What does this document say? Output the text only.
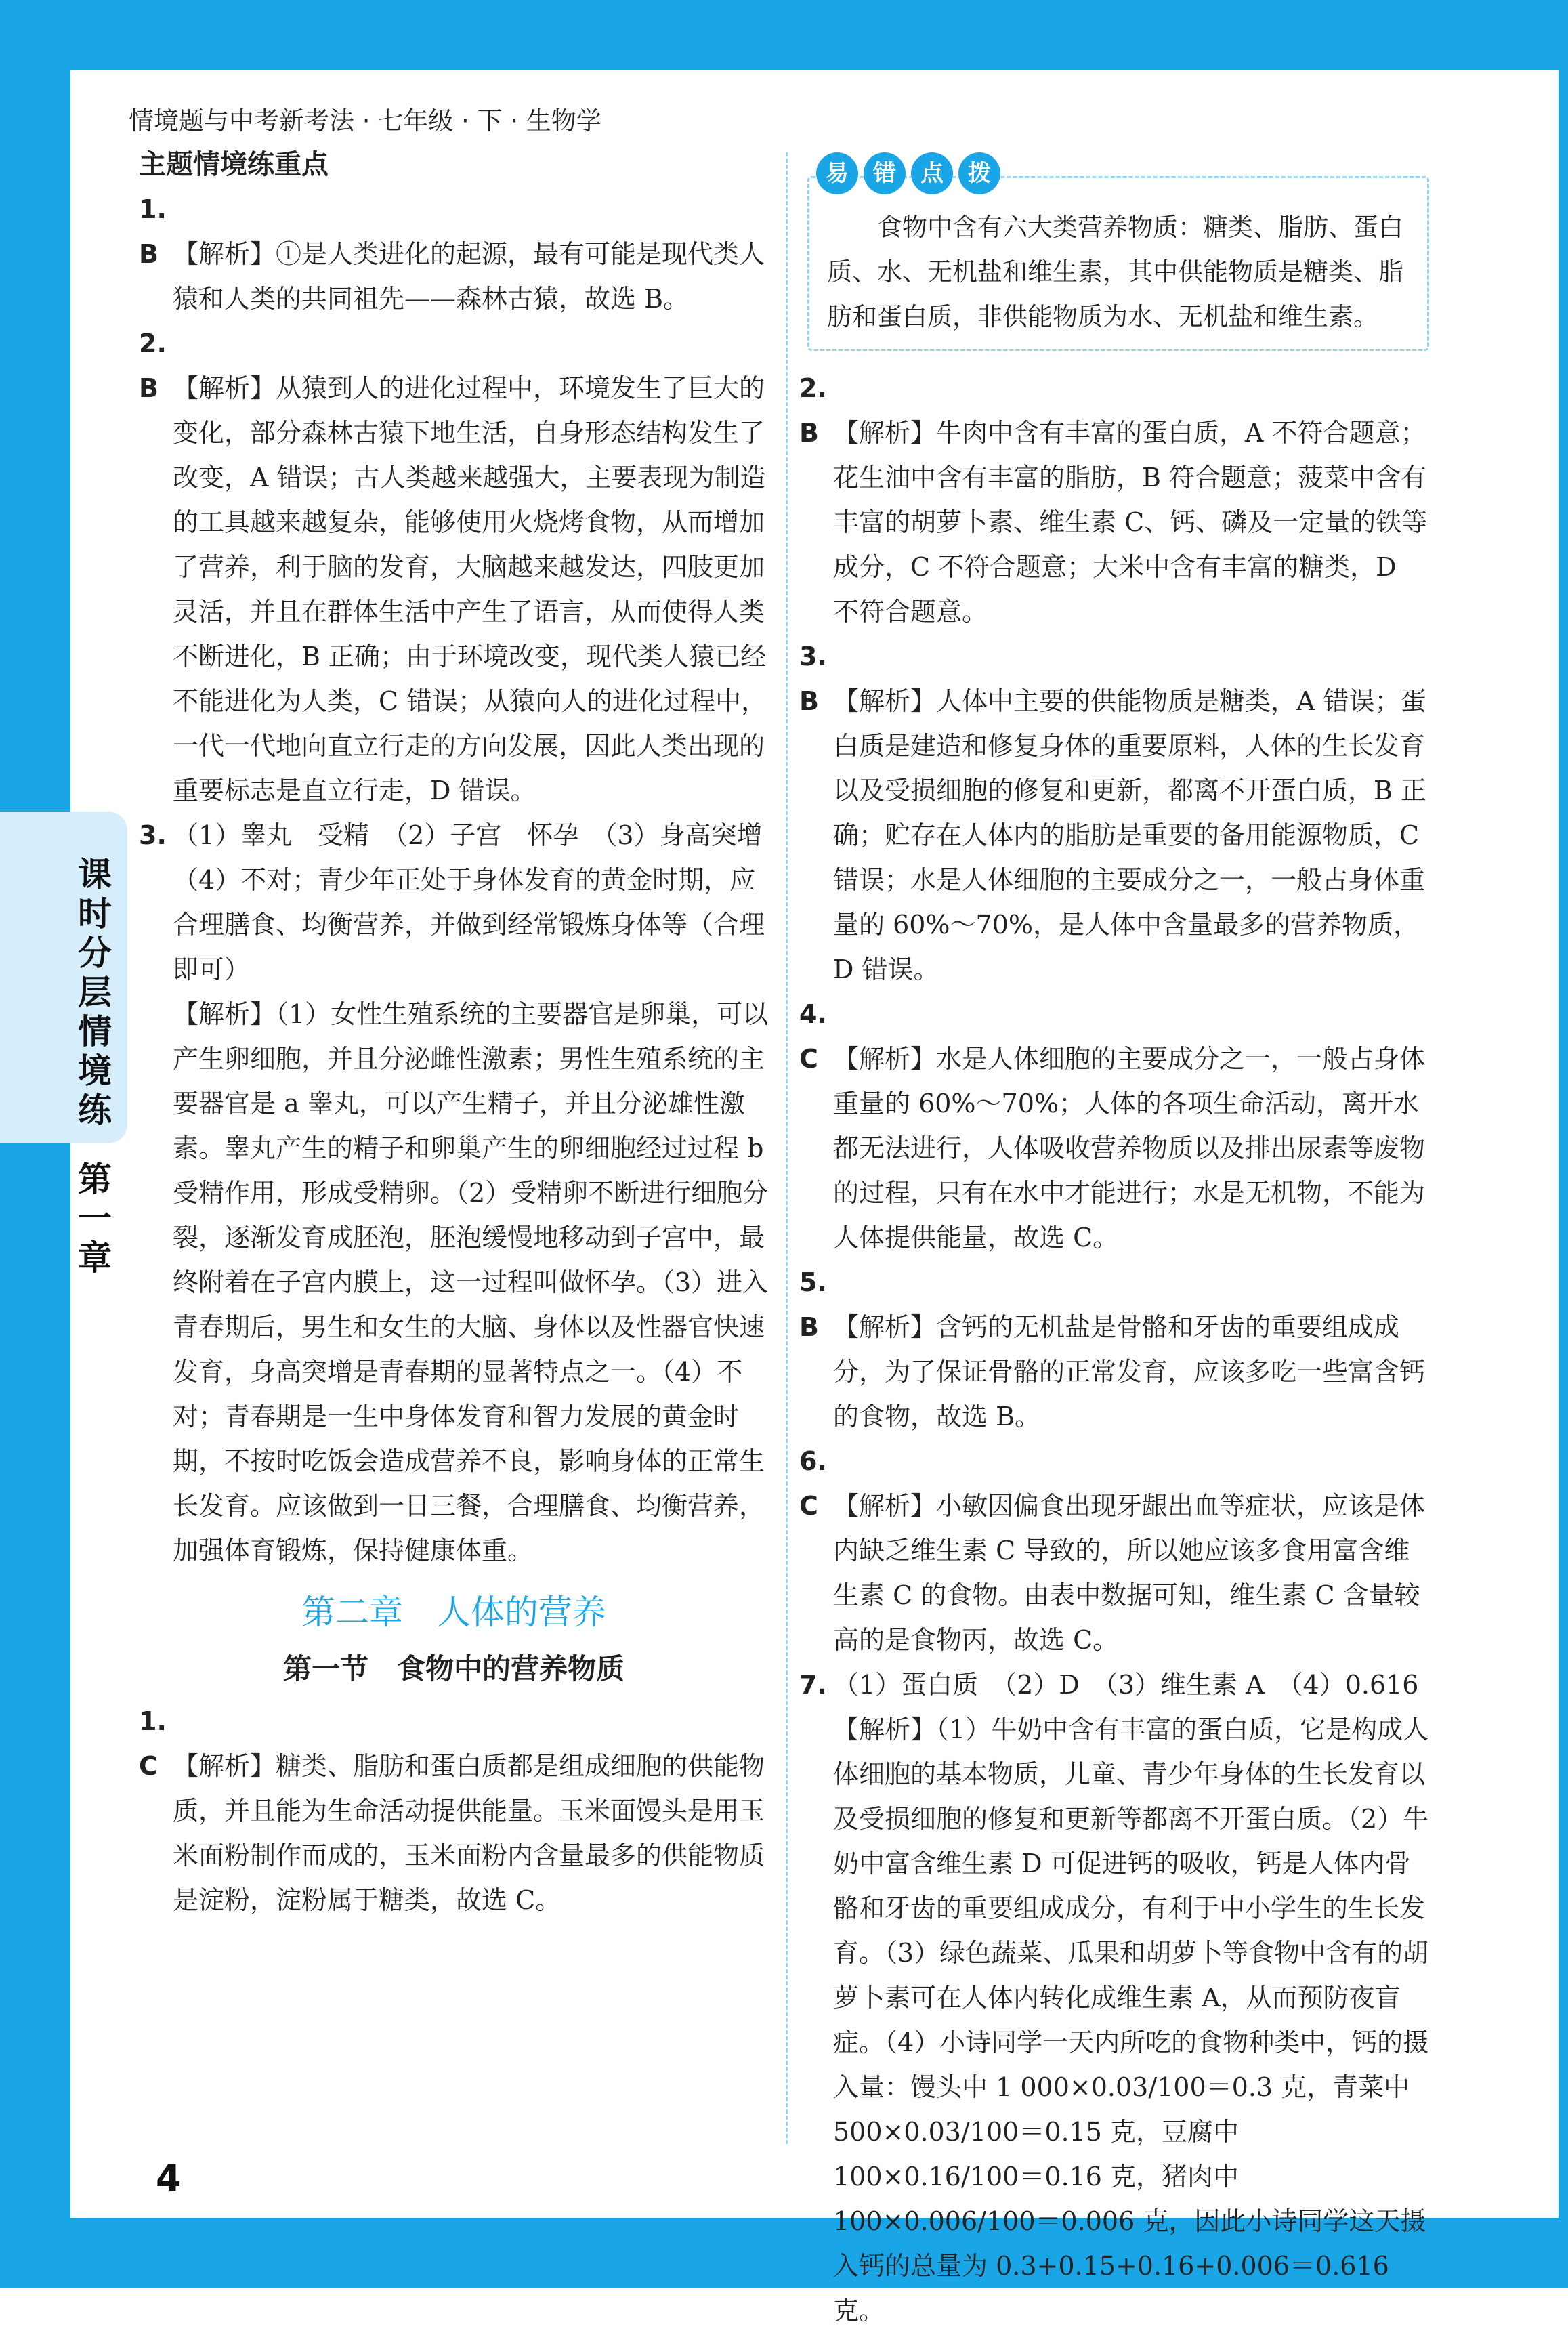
课时分层情境练
第一章
情境题与中考新考法 · 七年级 · 下 · 生物学

主题情境练重点

1. B 【解析】①是人类进化的起源，最有可能是现代类人猿和人类的共同祖先——森林古猿，故选 B。
2. B 【解析】从猿到人的进化过程中，环境发生了巨大的变化，部分森林古猿下地生活，自身形态结构发生了改变，A 错误；古人类越来越强大，主要表现为制造的工具越来越复杂，能够使用火烧烤食物，从而增加了营养，利于脑的发育，大脑越来越发达，四肢更加灵活，并且在群体生活中产生了语言，从而使得人类不断进化，B 正确；由于环境改变，现代类人猿已经不能进化为人类，C 错误；从猿向人的进化过程中，一代一代地向直立行走的方向发展，因此人类出现的重要标志是直立行走，D 错误。
3. （1）睾丸　受精　（2）子宫　怀孕　（3）身高突增　（4）不对；青少年正处于身体发育的黄金时期，应合理膳食、均衡营养，并做到经常锻炼身体等（合理即可）
【解析】（1）女性生殖系统的主要器官是卵巢，可以产生卵细胞，并且分泌雌性激素；男性生殖系统的主要器官是 a 睾丸，可以产生精子，并且分泌雄性激素。睾丸产生的精子和卵巢产生的卵细胞经过过程 b 受精作用，形成受精卵。（2）受精卵不断进行细胞分裂，逐渐发育成胚泡，胚泡缓慢地移动到子宫中，最终附着在子宫内膜上，这一过程叫做怀孕。（3）进入青春期后，男生和女生的大脑、身体以及性器官快速发育，身高突增是青春期的显著特点之一。（4）不对；青春期是一生中身体发育和智力发展的黄金时期，不按时吃饭会造成营养不良，影响身体的正常生长发育。应该做到一日三餐，合理膳食、均衡营养，加强体育锻炼，保持健康体重。
第二章　人体的营养
第一节　食物中的营养物质
1. C 【解析】糖类、脂肪和蛋白质都是组成细胞的供能物质，并且能为生命活动提供能量。玉米面馒头是用玉米面粉制作而成的，玉米面粉内含量最多的供能物质是淀粉，淀粉属于糖类，故选 C。
易	错	点	拨
食物中含有六大类营养物质：糖类、脂肪、蛋白质、水、无机盐和维生素，其中供能物质是糖类、脂肪和蛋白质，非供能物质为水、无机盐和维生素。
2. B 【解析】牛肉中含有丰富的蛋白质，A 不符合题意；花生油中含有丰富的脂肪，B 符合题意；菠菜中含有丰富的胡萝卜素、维生素 C、钙、磷及一定量的铁等成分，C 不符合题意；大米中含有丰富的糖类，D 不符合题意。
3. B 【解析】人体中主要的供能物质是糖类，A 错误；蛋白质是建造和修复身体的重要原料，人体的生长发育以及受损细胞的修复和更新，都离不开蛋白质，B 正确；贮存在人体内的脂肪是重要的备用能源物质，C 错误；水是人体细胞的主要成分之一，一般占身体重量的 60%～70%，是人体中含量最多的营养物质，D 错误。
4. C 【解析】水是人体细胞的主要成分之一，一般占身体重量的 60%～70%；人体的各项生命活动，离开水都无法进行，人体吸收营养物质以及排出尿素等废物的过程，只有在水中才能进行；水是无机物，不能为人体提供能量，故选 C。
5. B 【解析】含钙的无机盐是骨骼和牙齿的重要组成成分，为了保证骨骼的正常发育，应该多吃一些富含钙的食物，故选 B。
6. C 【解析】小敏因偏食出现牙龈出血等症状，应该是体内缺乏维生素 C 导致的，所以她应该多食用富含维生素 C 的食物。由表中数据可知，维生素 C 含量较高的是食物丙，故选 C。
7. （1）蛋白质　（2）D　（3）维生素 A　（4）0.616
【解析】（1）牛奶中含有丰富的蛋白质，它是构成人体细胞的基本物质，儿童、青少年身体的生长发育以及受损细胞的修复和更新等都离不开蛋白质。（2）牛奶中富含维生素 D 可促进钙的吸收，钙是人体内骨骼和牙齿的重要组成成分，有利于中小学生的生长发育。（3）绿色蔬菜、瓜果和胡萝卜等食物中含有的胡萝卜素可在人体内转化成维生素 A，从而预防夜盲症。（4）小诗同学一天内所吃的食物种类中，钙的摄入量：馒头中 1 000×0.03/100＝0.3 克，青菜中 500×0.03/100＝0.15 克，豆腐中 100×0.16/100＝0.16 克，猪肉中 100×0.006/100＝0.006 克，因此小诗同学这天摄入钙的总量为 0.3+0.15+0.16+0.006＝0.616 克。
4
